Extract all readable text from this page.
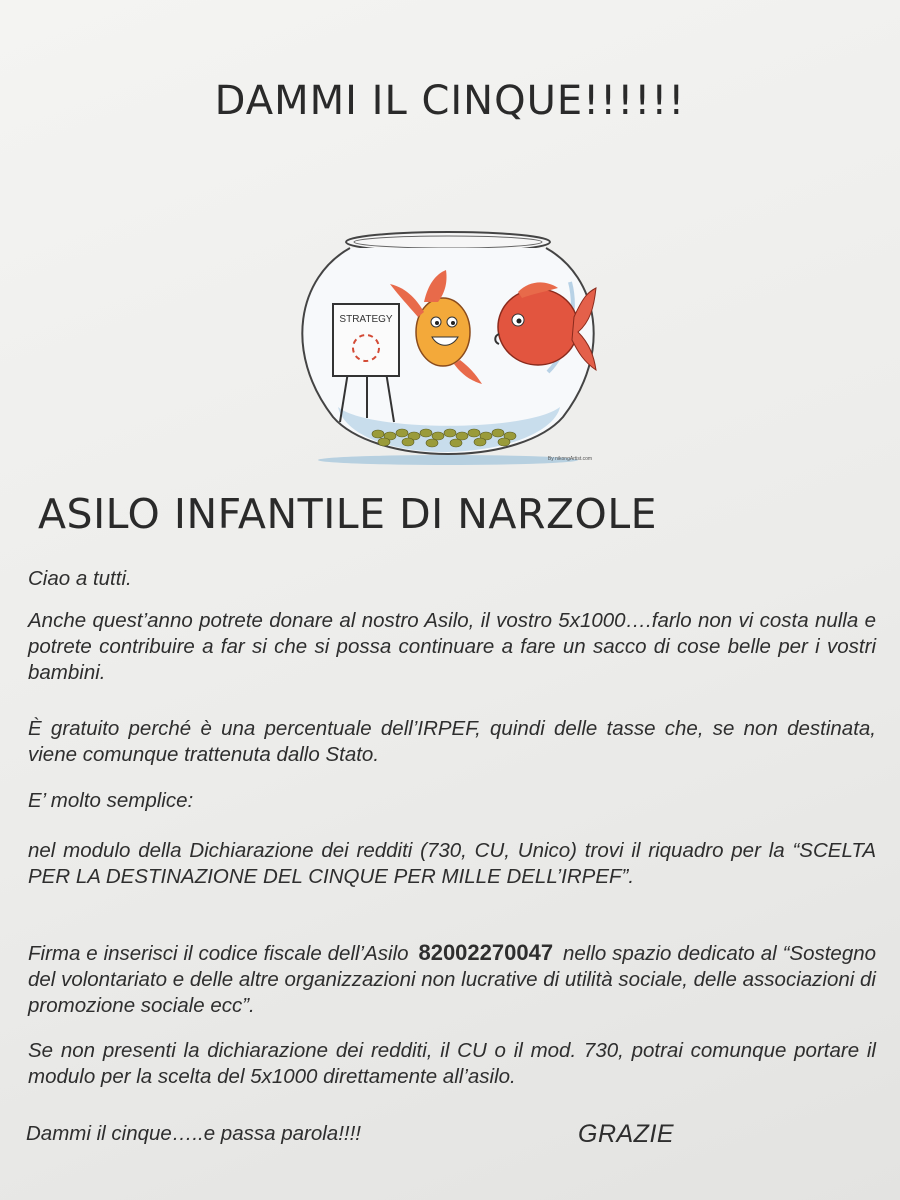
DAMMI IL CINQUE!!!!!!
STRATEGY
By nikongArtist.com
ASILO INFANTILE DI NARZOLE
Ciao a tutti.
Anche quest’anno potrete donare al nostro Asilo, il vostro 5x1000….farlo non vi costa nulla e potrete contribuire a far si che si possa continuare a fare un sacco di cose belle per i vostri bambini.
È gratuito perché è una percentuale dell’IRPEF, quindi delle tasse che, se non destinata, viene comunque trattenuta dallo Stato.
E’ molto semplice:
nel modulo della Dichiarazione dei redditi (730, CU, Unico) trovi il riquadro per la “SCELTA PER LA DESTINAZIONE DEL CINQUE PER MILLE DELL’IRPEF”.
Firma e inserisci il codice fiscale dell’Asilo 82002270047 nello spazio dedicato al “Sostegno del volontariato e delle altre organizzazioni non lucrative di utilità sociale, delle associazioni di promozione sociale ecc”.
Se non presenti la dichiarazione dei redditi, il CU o il mod. 730, potrai comunque portare il modulo per la scelta del 5x1000 direttamente all’asilo.
Dammi il cinque…..e passa parola!!!!	GRAZIE
